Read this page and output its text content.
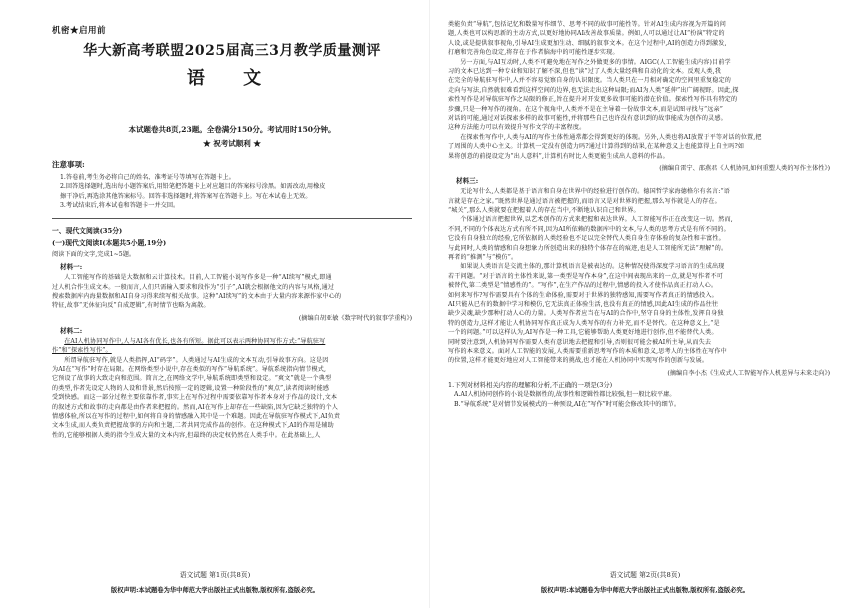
机密★启用前

华大新高考联盟2025届高三3月教学质量测评

语 文

本试题卷共8页,23题。全卷满分150分。考试用时150分钟。

★ 祝考试顺利 ★

注意事项:

1.答卷前,考生务必将自己的姓名、准考证号等填写在答题卡上。

2.回答选择题时,选出每小题答案后,用铅笔把答题卡上对应题目的答案标号涂黑。如需改动,用橡皮

擦干净后,再选涂其他答案标号。回答非选择题时,将答案写在答题卡上。写在本试卷上无效。

3.考试结束后,将本试卷和答题卡一并交回。

一、现代文阅读(35分)

(一)现代文阅读Ⅰ(本题共5小题,19分)

阅读下面的文字,完成1~5题。

材料一:

人工智能写作的基础是大数据和云计算技术。目前,人工智能小说写作多是一种“AI续写”模式,即通

过人机合作生成文本。一般而言,人们只需输入要求和段作为“引子”,AI就会根据他文的内容与风格,通过

搜索数据库内海量数据和AI自身习得来续写相关故事。这种“AI续写”的文本由于大量内容来源作家中心的

特征,故事“无休征向反”自成逻辑”,有时情节也略为离散。

(摘编自胡亚敏《数字时代的叙事学重构》)

材料二:

在AI人机协同写作中,人与AI各有优长,也各有所短。据此可以表示两种协同写作方式:“导航驻写

作”和“探索性写作”。

所谓导航驻写作,就是人类指挥,AI“码字”。人类通过与AI生成的文本互动,引导故事方向。这是因

为AI在“写作”时存在局限。在网络类型小说中,存在类似的写作“导航系统”。导航系统指向情节模式,

它预设了故事的大致走向和范围。简言之,在网络文学中,导航系统即类型和设定。“爽文”就是一个典型

的类型,作者先设定人物的人设和背景,然后按照一定的逻辑,设置一种阶段性的“爽点”,读者阅读时能感

受到快感。而这一部分过程主要依靠作者,事实上在写作过程中需要依靠写作者本身对于作品的设计,文本

的叙述方式和故事的走向都是由作者来把握的。然而,AI在写作上却存在一些缺陷,因为它缺乏独特的个人

情感体验,所以在写作的过程中,如何将自身的情感融入其中是一个难题。因此在导航驻写作模式下,AI负责

文本生成,而人类负责把握故事的方向和主题,二者共同完成作品的创作。在这种模式下,AI的作用是辅助

性的,它能够根据人类的指令生成大量的文本内容,但最终的决定权仍然在人类手中。在此基础上,人

语文试题 第1页(共8页)

版权声明:本试题卷为华中师范大学出版社正式出版物,版权所有,盗版必究。

类能负责“导航”,包括记忆和数量写作细节、思考不同的故事可能性等。针对AI生成内容视为开篇的问

题,人类也可以构思新的主动方式,以更好地协同AI改善故事质量。例如,人可以通过让AI“扮演”特定的

人设,或是提供叙事视角,引导AI生成更加生动、细腻的叙事文本。在这个过程中,AI的创造力得到激发,

打磨和完善角色设定,将存在于作者脑海中的可能性逐步实现。

另一方面,与AI互动时,人类不可避免地在写作之外做更多的事情。AIGC(人工智能生成内容)目前学

习的文本已达到一种专业和知识了解不深,但也“读”过了人类大量经典和自动化的文本。反观人类,我

在完全的导航驻写作中,人并不容易觉察自身的认识限度。当人类只在一月相对确定的空间里重复稳定的

走向与写法,自然就很难看到这样空间的边界,也无法走出这种局限;而AI为人类“延伸”出广阔视野。因此,探

索性写作是对导航驻写作之局限的修正,旨在提升对开发更多故事可能的潜在价值。探索性写作具有特定的

步骤,只是一种写作的视角。在这个视角中,人类并不是在主导着一份故事文本,而是试图寻找与“远亲”

对话的可能,通过对话探索多样的故事可能性,并将那些自己也许没有意识到的故事能成为创作的灵感。

这种方法能力可以有效提升写作文学的丰富程度。

在探索性写作中,人类与AI的写作主体性通常都会得到更好的体现。另外,人类也将AI放置于平等对话的位置,把

了周围的人类中心主义。计算机一定没有创造力吗?通过计算得到的结果,在某种意义上也能算得上自主吗?如

果将创意的前提设定为“出人意料”,计算机有时比人类更能生成出人意料的作品。

(摘编自雷宁、邵燕君《人机协同,如何重塑人类的写作主体性》)

材料三:

无论写什么,人类都是基于语言和自身在世界中的经验进行创作的。德国哲学家海德格尔有名言:“语

言就是存在之家。”既然世界是通过语言被把握的,而语言又是对世界的把握,那么写作就是人的存在。

“城关”,那么人类就要在把握着人的存在当中,不断地认识自己和世界。

个体通过语言把握世界,以艺术创作的方式来把握和表达世界。人工智能写作正在改变这一切。然而,

不同,不同的个体表达方式有所不同,因为AI所依赖的数据库中的文本,与人类的思考方式是有所不同的。

它没有自身独立的经验,它所依据的人类经验也不足以完全替代人类自身生存体验的复杂性和丰富性。

与此同时,人类的情感和自身想象力所创造出来的独特个体存在的痕迹,也是人工智能所无法“理解”的。

再者的“推测”与“模仿”。

如果说人类语言是交流主体的,那计算机语言是被表达的。这种情况使得深度学习语言的生成出现

若干问题。“对于语言的主体性来说,第一类型是写作本身”,在这中间表现出来的一点,就是写作者不可

被替代,第二类型是“情感性的”。“写作”,在生产作品的过程中,情感的投入才使作品真正打动人心。

如何来写作?写作需要具有个体的生命体验,需要对于世界的独特感知,需要写作者真正的情感投入。

AI只能从已有的数据中学习和模仿,它无法真正体验生活,也没有真正的情感,因此AI生成的作品往往

缺少灵魂,缺少那种打动人心的力量。人类写作者应当在与AI的合作中,坚守自身的主体性,发挥自身独

特的创造力,这样才能让人机协同写作真正成为人类写作的有力补充,而不是替代。在这种意义上,“是

一个的问题。”可以这样认为,AI写作是一种工具,它能够帮助人类更好地进行创作,但不能替代人类。

同时要注意到,人机协同写作需要人类有意识地去把握和引导,否则很可能会被AI所主导,从而失去

写作的本来意义。面对人工智能的发展,人类需要重新思考写作的本质和意义,思考人的主体性在写作中

的位置,这样才能更好地应对人工智能带来的挑战,也才能在人机协同中实现写作的创新与发展。

(摘编自李小杰《生成式人工智能写作人机差异与未来走向》)

1.下列对材料相关内容的理解和分析,不正确的一项是(3分)

A.AI人机协同创作的小说是数据性的,故事性和逻辑性都比较强,但一般比较平庸。

B.“导航系统”是对情节发展模式的一种预设,AI在“写作”时可能会修改其中的细节。

语文试题 第2页(共8页)

版权声明:本试题卷为华中师范大学出版社正式出版物,版权所有,盗版必究。
